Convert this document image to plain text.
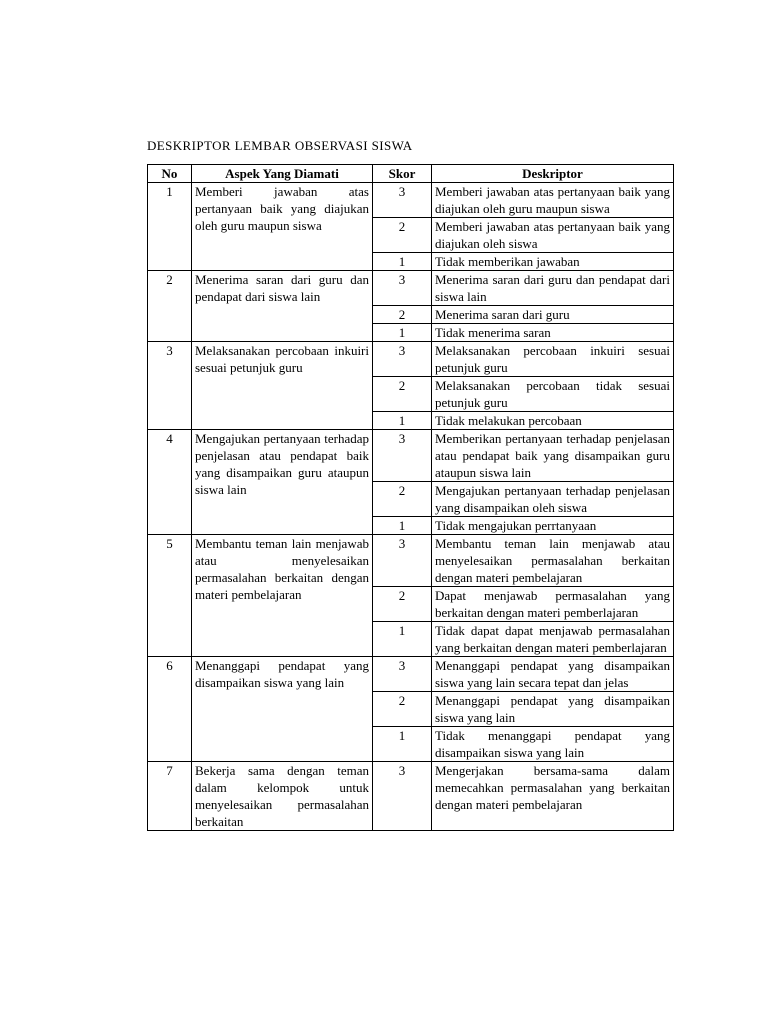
DESKRIPTOR LEMBAR OBSERVASI SISWA
No	Aspek Yang Diamati	Skor	Deskriptor
1	Memberi jawaban atas pertanyaan baik yang diajukan oleh guru maupun siswa	3	Memberi jawaban atas pertanyaan baik yang diajukan oleh guru maupun siswa
		2	Memberi jawaban atas pertanyaan baik yang diajukan oleh siswa
		1	Tidak memberikan jawaban
2	Menerima saran dari guru dan pendapat dari siswa lain	3	Menerima saran dari guru dan pendapat dari siswa lain
		2	Menerima saran dari guru
		1	Tidak menerima saran
3	Melaksanakan percobaan inkuiri sesuai petunjuk guru	3	Melaksanakan percobaan inkuiri sesuai petunjuk guru
		2	Melaksanakan percobaan tidak sesuai petunjuk guru
		1	Tidak melakukan percobaan
4	Mengajukan pertanyaan terhadap penjelasan atau pendapat baik yang disampaikan guru ataupun siswa lain	3	Memberikan pertanyaan terhadap penjelasan atau pendapat baik yang disampaikan guru ataupun siswa lain
		2	Mengajukan pertanyaan terhadap penjelasan yang disampaikan oleh siswa
		1	Tidak mengajukan perrtanyaan
5	Membantu teman lain menjawab atau menyelesaikan permasalahan berkaitan dengan materi pembelajaran	3	Membantu teman lain menjawab atau menyelesaikan permasalahan berkaitan dengan materi pembelajaran
		2	Dapat menjawab permasalahan yang berkaitan dengan materi pemberlajaran
		1	Tidak dapat dapat menjawab permasalahan yang berkaitan dengan materi pemberlajaran
6	Menanggapi pendapat yang disampaikan siswa yang lain	3	Menanggapi pendapat yang disampaikan siswa yang lain secara tepat dan jelas
		2	Menanggapi pendapat yang disampaikan siswa yang lain
		1	Tidak menanggapi pendapat yang disampaikan siswa yang lain
7	Bekerja sama dengan teman dalam kelompok untuk menyelesaikan permasalahan berkaitan	3	Mengerjakan bersama-sama dalam memecahkan permasalahan yang berkaitan dengan materi pembelajaran
